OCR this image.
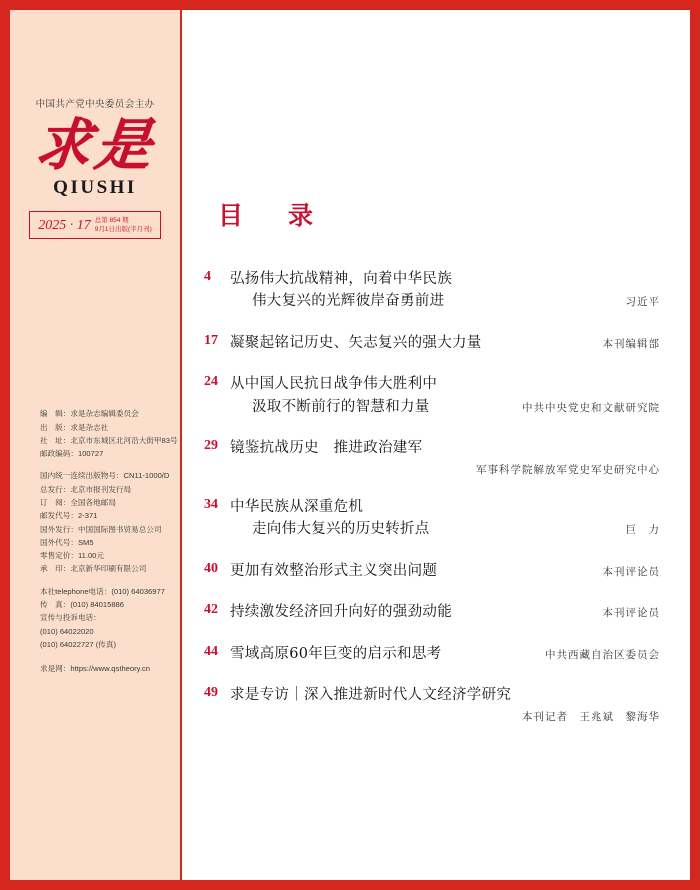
中国共产党中央委员会主办
求是
QIUSHI
2025 · 17 总第 854 期
9月1日出版(半月刊)
编　辑：求是杂志编辑委员会
出　版：求是杂志社
社　址：北京市东城区北河沿大街甲83号
邮政编码：100727
国内统一连续出版物号：CN11-1000/D
总发行：北京市报刊发行局
订　阅：全国各地邮局
邮发代号：2-371
国外发行：中国国际图书贸易总公司
国外代号：SM5
零售定价：11.00元
承　印：北京新华印刷有限公司
本社telephone电话：(010) 64036977
传　真：(010) 84015886
宣传与投诉电话：
(010) 64022020
(010) 64022727 (传真)
求是网：https://www.qstheory.cn
目　录
4	弘扬伟大抗战精神，向着中华民族
伟大复兴的光辉彼岸奋勇前进	习近平
17 凝聚起铭记历史、矢志复兴的强大力量	本刊编辑部
24 从中国人民抗日战争伟大胜利中
汲取不断前行的智慧和力量	中共中央党史和文献研究院
29 镜鉴抗战历史　推进政治建军
军事科学院解放军党史军史研究中心
34 中华民族从深重危机
走向伟大复兴的历史转折点	巨　力
40 更加有效整治形式主义突出问题	本刊评论员
42 持续激发经济回升向好的强劲动能	本刊评论员
44 雪域高原60年巨变的启示和思考	中共西藏自治区委员会
49 求是专访｜深入推进新时代人文经济学研究
本刊记者　王兆斌　黎海华
